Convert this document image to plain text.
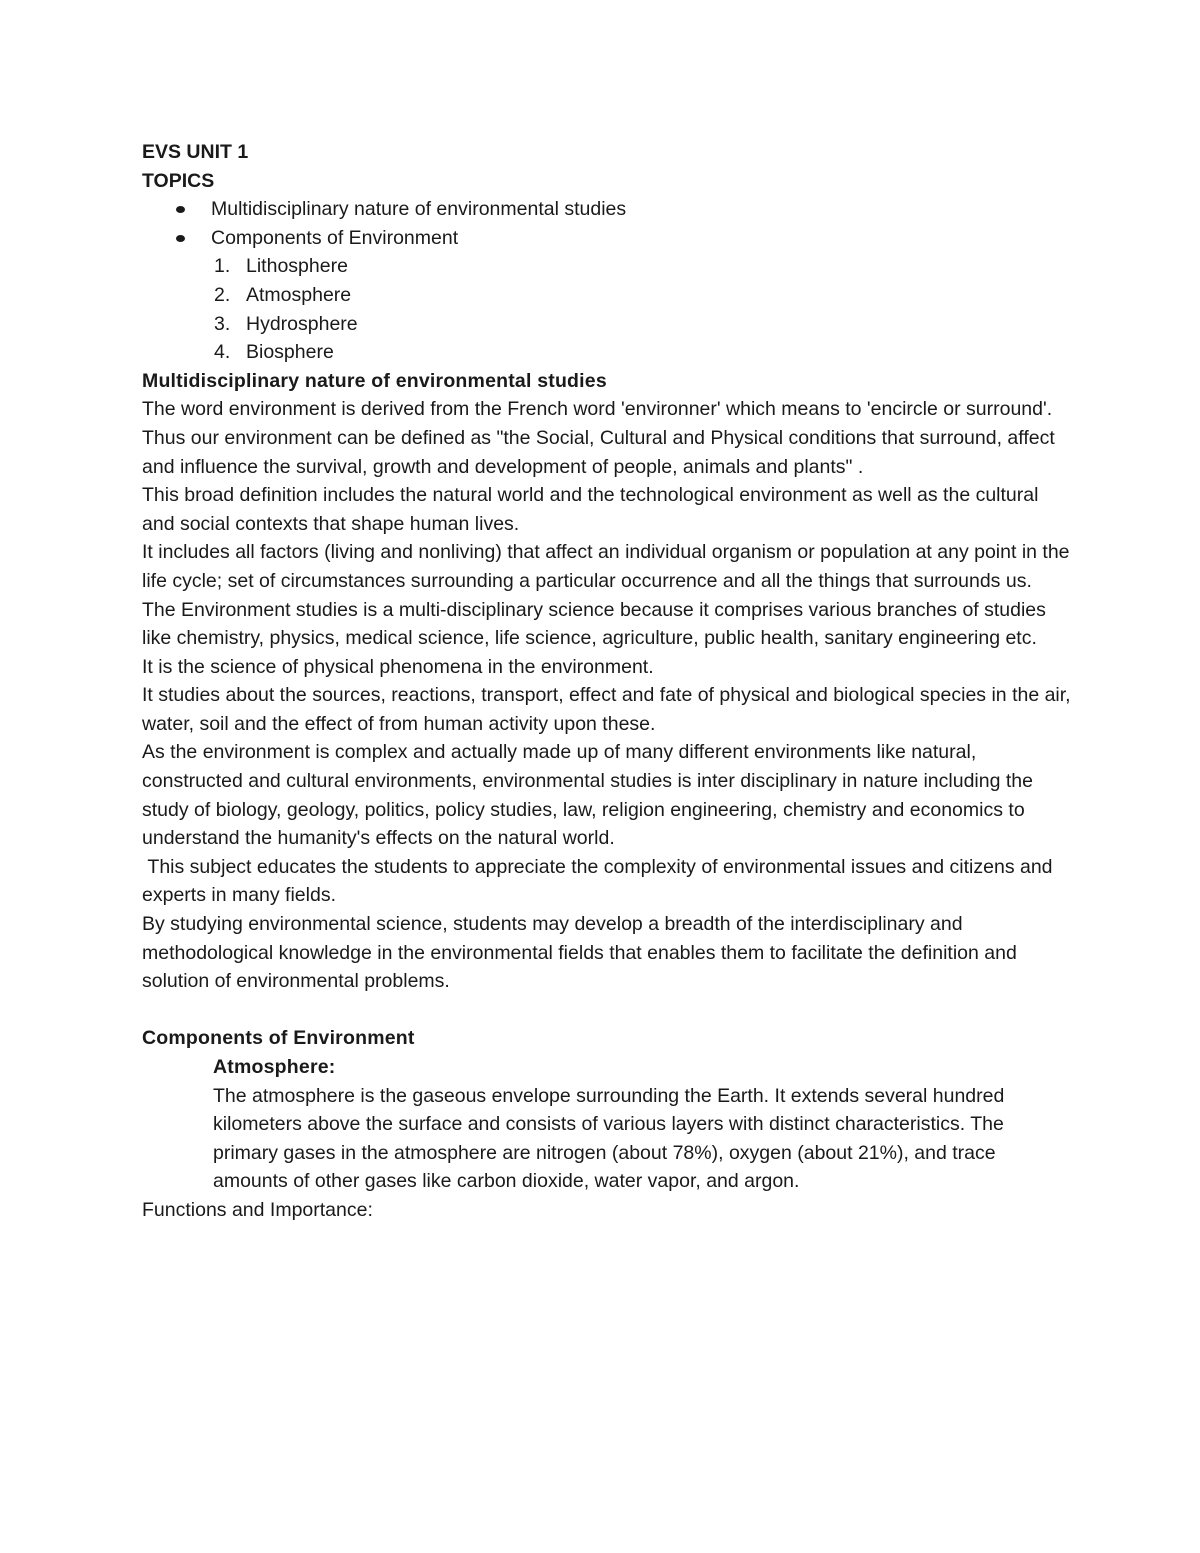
EVS UNIT 1

TOPICS

Multidisciplinary nature of environmental studies
Components of Environment
1. Lithosphere
2. Atmosphere
3. Hydrosphere
4. Biosphere

Multidisciplinary nature of environmental studies

The word environment is derived from the French word 'environner' which means to 'encircle or surround'.

Thus our environment can be defined as "the Social, Cultural and Physical conditions that surround, affect and influence the survival, growth and development of people, animals and plants" .

This broad definition includes the natural world and the technological environment as well as the cultural and social contexts that shape human lives.

It includes all factors (living and nonliving) that affect an individual organism or population at any point in the life cycle; set of circumstances surrounding a particular occurrence and all the things that surrounds us.

The Environment studies is a multi-disciplinary science because it comprises various branches of studies like chemistry, physics, medical science, life science, agriculture, public health, sanitary engineering etc.

It is the science of physical phenomena in the environment.

It studies about the sources, reactions, transport, effect and fate of physical and biological species in the air, water, soil and the effect of from human activity upon these.

As the environment is complex and actually made up of many different environments like natural, constructed and cultural environments, environmental studies is inter disciplinary in nature including the study of biology, geology, politics, policy studies, law, religion engineering, chemistry and economics to understand the humanity's effects on the natural world.

This subject educates the students to appreciate the complexity of environmental issues and citizens and experts in many fields.

By studying environmental science, students may develop a breadth of the interdisciplinary and methodological knowledge in the environmental fields that enables them to facilitate the definition and solution of environmental problems.

Components of Environment

Atmosphere:

The atmosphere is the gaseous envelope surrounding the Earth. It extends several hundred kilometers above the surface and consists of various layers with distinct characteristics. The primary gases in the atmosphere are nitrogen (about 78%), oxygen (about 21%), and trace amounts of other gases like carbon dioxide, water vapor, and argon.

Functions and Importance:
